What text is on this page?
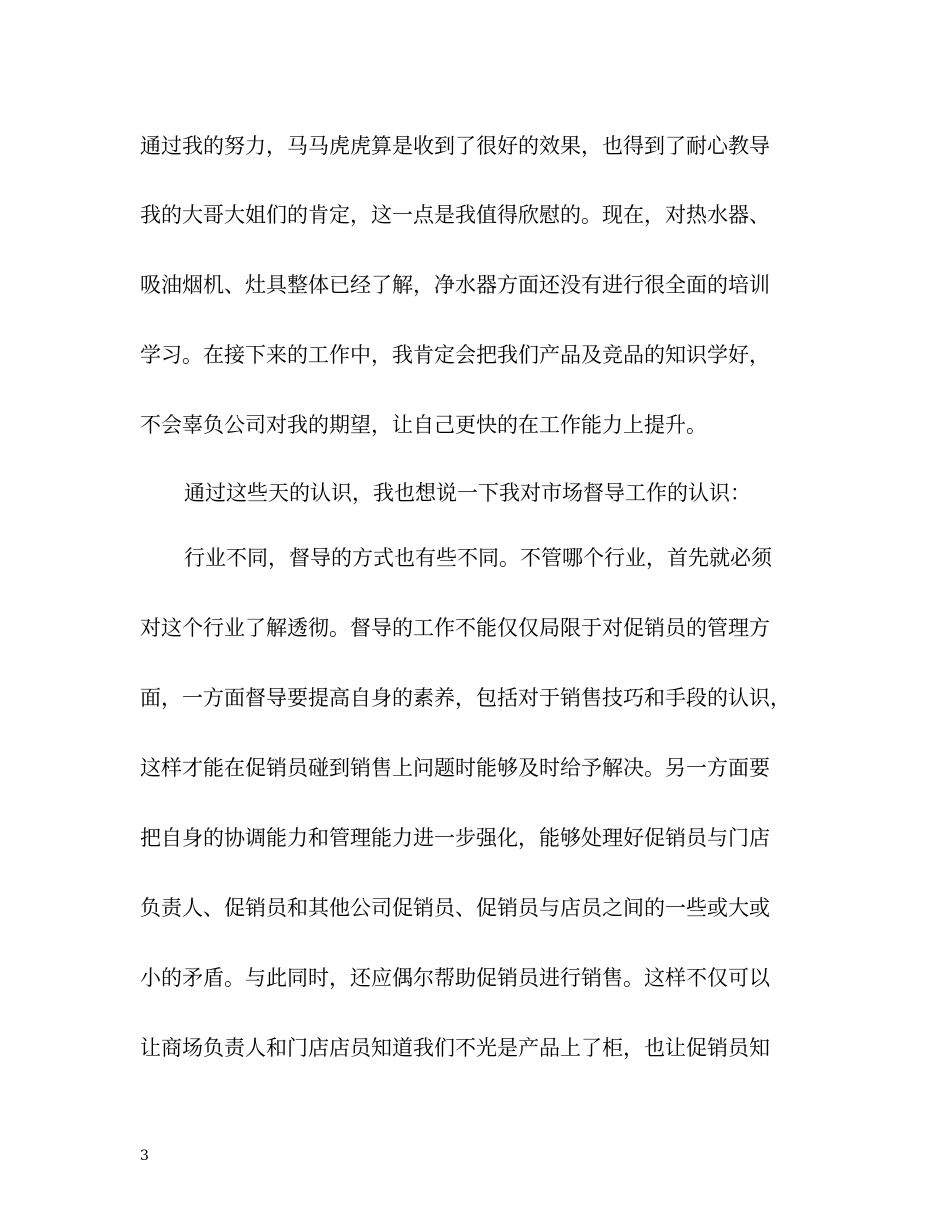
通过我的努力，马马虎虎算是收到了很好的效果，也得到了耐心教导
我的大哥大姐们的肯定，这一点是我值得欣慰的。现在，对热水器、
吸油烟机、灶具整体已经了解，净水器方面还没有进行很全面的培训
学习。在接下来的工作中，我肯定会把我们产品及竞品的知识学好，
不会辜负公司对我的期望，让自己更快的在工作能力上提升。
通过这些天的认识，我也想说一下我对市场督导工作的认识：
行业不同，督导的方式也有些不同。不管哪个行业，首先就必须
对这个行业了解透彻。督导的工作不能仅仅局限于对促销员的管理方
面，一方面督导要提高自身的素养，包括对于销售技巧和手段的认识，
这样才能在促销员碰到销售上问题时能够及时给予解决。另一方面要
把自身的协调能力和管理能力进一步强化，能够处理好促销员与门店
负责人、促销员和其他公司促销员、促销员与店员之间的一些或大或
小的矛盾。与此同时，还应偶尔帮助促销员进行销售。这样不仅可以
让商场负责人和门店店员知道我们不光是产品上了柜，也让促销员知
3
